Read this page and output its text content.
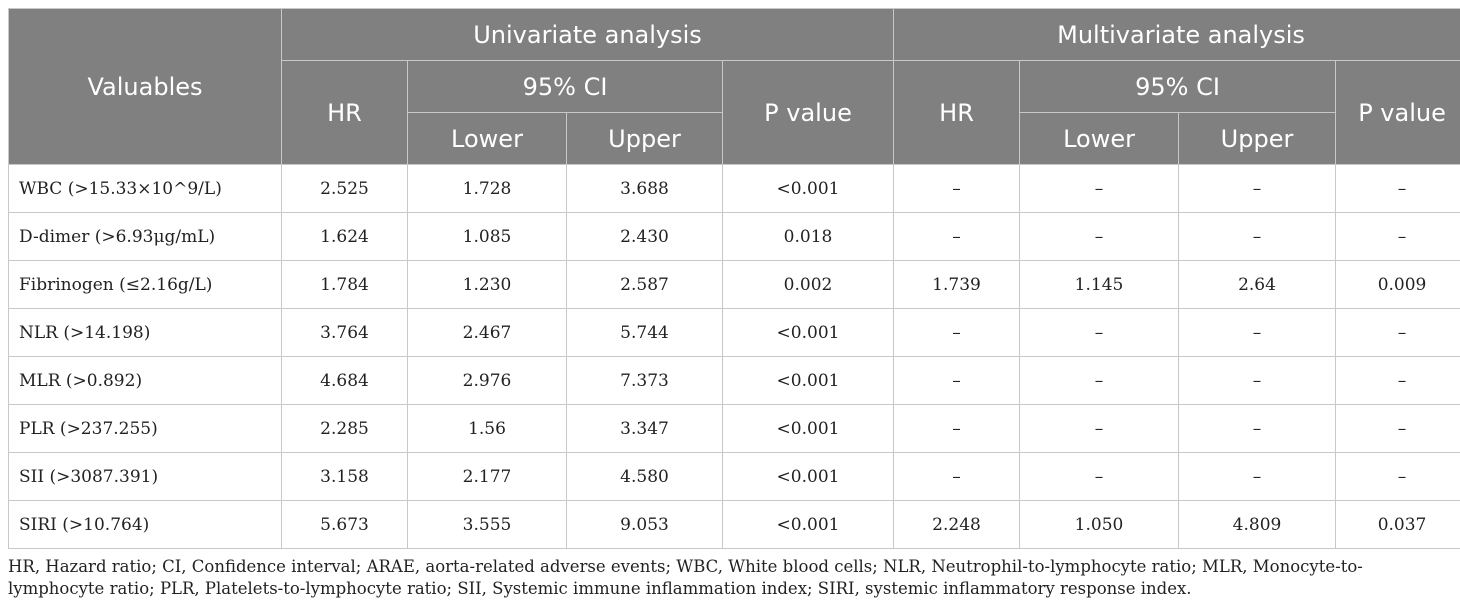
Valuables	Univariate analysis				Multivariate analysis			
	HR	95% CI		P value	HR	95% CI		P value
		Lower	Upper			Lower	Upper	
WBC (>15.33×10^9/L)	2.525	1.728	3.688	<0.001	–	–	–	–
D-dimer (>6.93μg/mL)	1.624	1.085	2.430	0.018	–	–	–	–
Fibrinogen (≤2.16g/L)	1.784	1.230	2.587	0.002	1.739	1.145	2.64	0.009
NLR (>14.198)	3.764	2.467	5.744	<0.001	–	–	–	–
MLR (>0.892)	4.684	2.976	7.373	<0.001	–	–	–	–
PLR (>237.255)	2.285	1.56	3.347	<0.001	–	–	–	–
SII (>3087.391)	3.158	2.177	4.580	<0.001	–	–	–	–
SIRI (>10.764)	5.673	3.555	9.053	<0.001	2.248	1.050	4.809	0.037
HR, Hazard ratio; CI, Confidence interval; ARAE, aorta-related adverse events; WBC, White blood cells; NLR, Neutrophil-to-lymphocyte ratio; MLR, Monocyte-to-lymphocyte ratio; PLR, Platelets-to-lymphocyte ratio; SII, Systemic immune inflammation index; SIRI, systemic inflammatory response index.
